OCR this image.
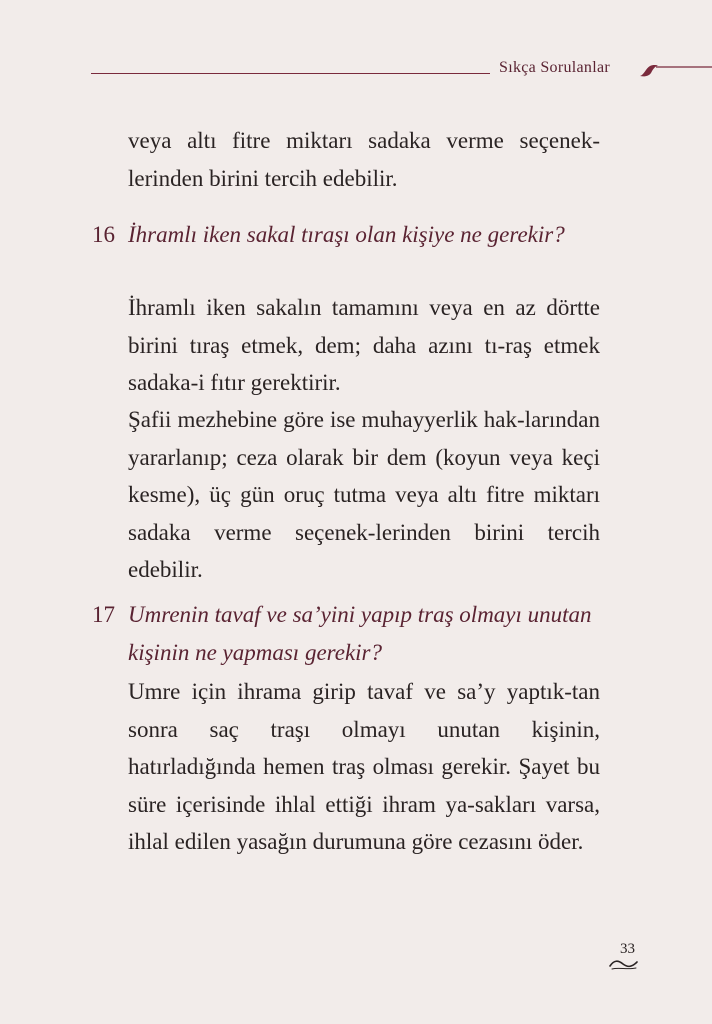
Sıkça Sorulanlar

veya altı fitre miktarı sadaka verme seçenek-lerinden birini tercih edebilir.

16 İhramlı iken sakal tıraşı olan kişiye ne gerekir?

İhramlı iken sakalın tamamını veya en az dörtte birini tıraş etmek, dem; daha azını tı-raş etmek sadaka-i fıtır gerektirir.

Şafii mezhebine göre ise muhayyerlik hak-larından yararlanıp; ceza olarak bir dem (koyun veya keçi kesme), üç gün oruç tutma veya altı fitre miktarı sadaka verme seçenek-lerinden birini tercih edebilir.

17 Umrenin tavaf ve sa’yini yapıp traş olmayı unutan kişinin ne yapması gerekir?

Umre için ihrama girip tavaf ve sa’y yaptık-tan sonra saç traşı olmayı unutan kişinin, hatırladığında hemen traş olması gerekir. Şayet bu süre içerisinde ihlal ettiği ihram ya-sakları varsa, ihlal edilen yasağın durumuna göre cezasını öder.

33
